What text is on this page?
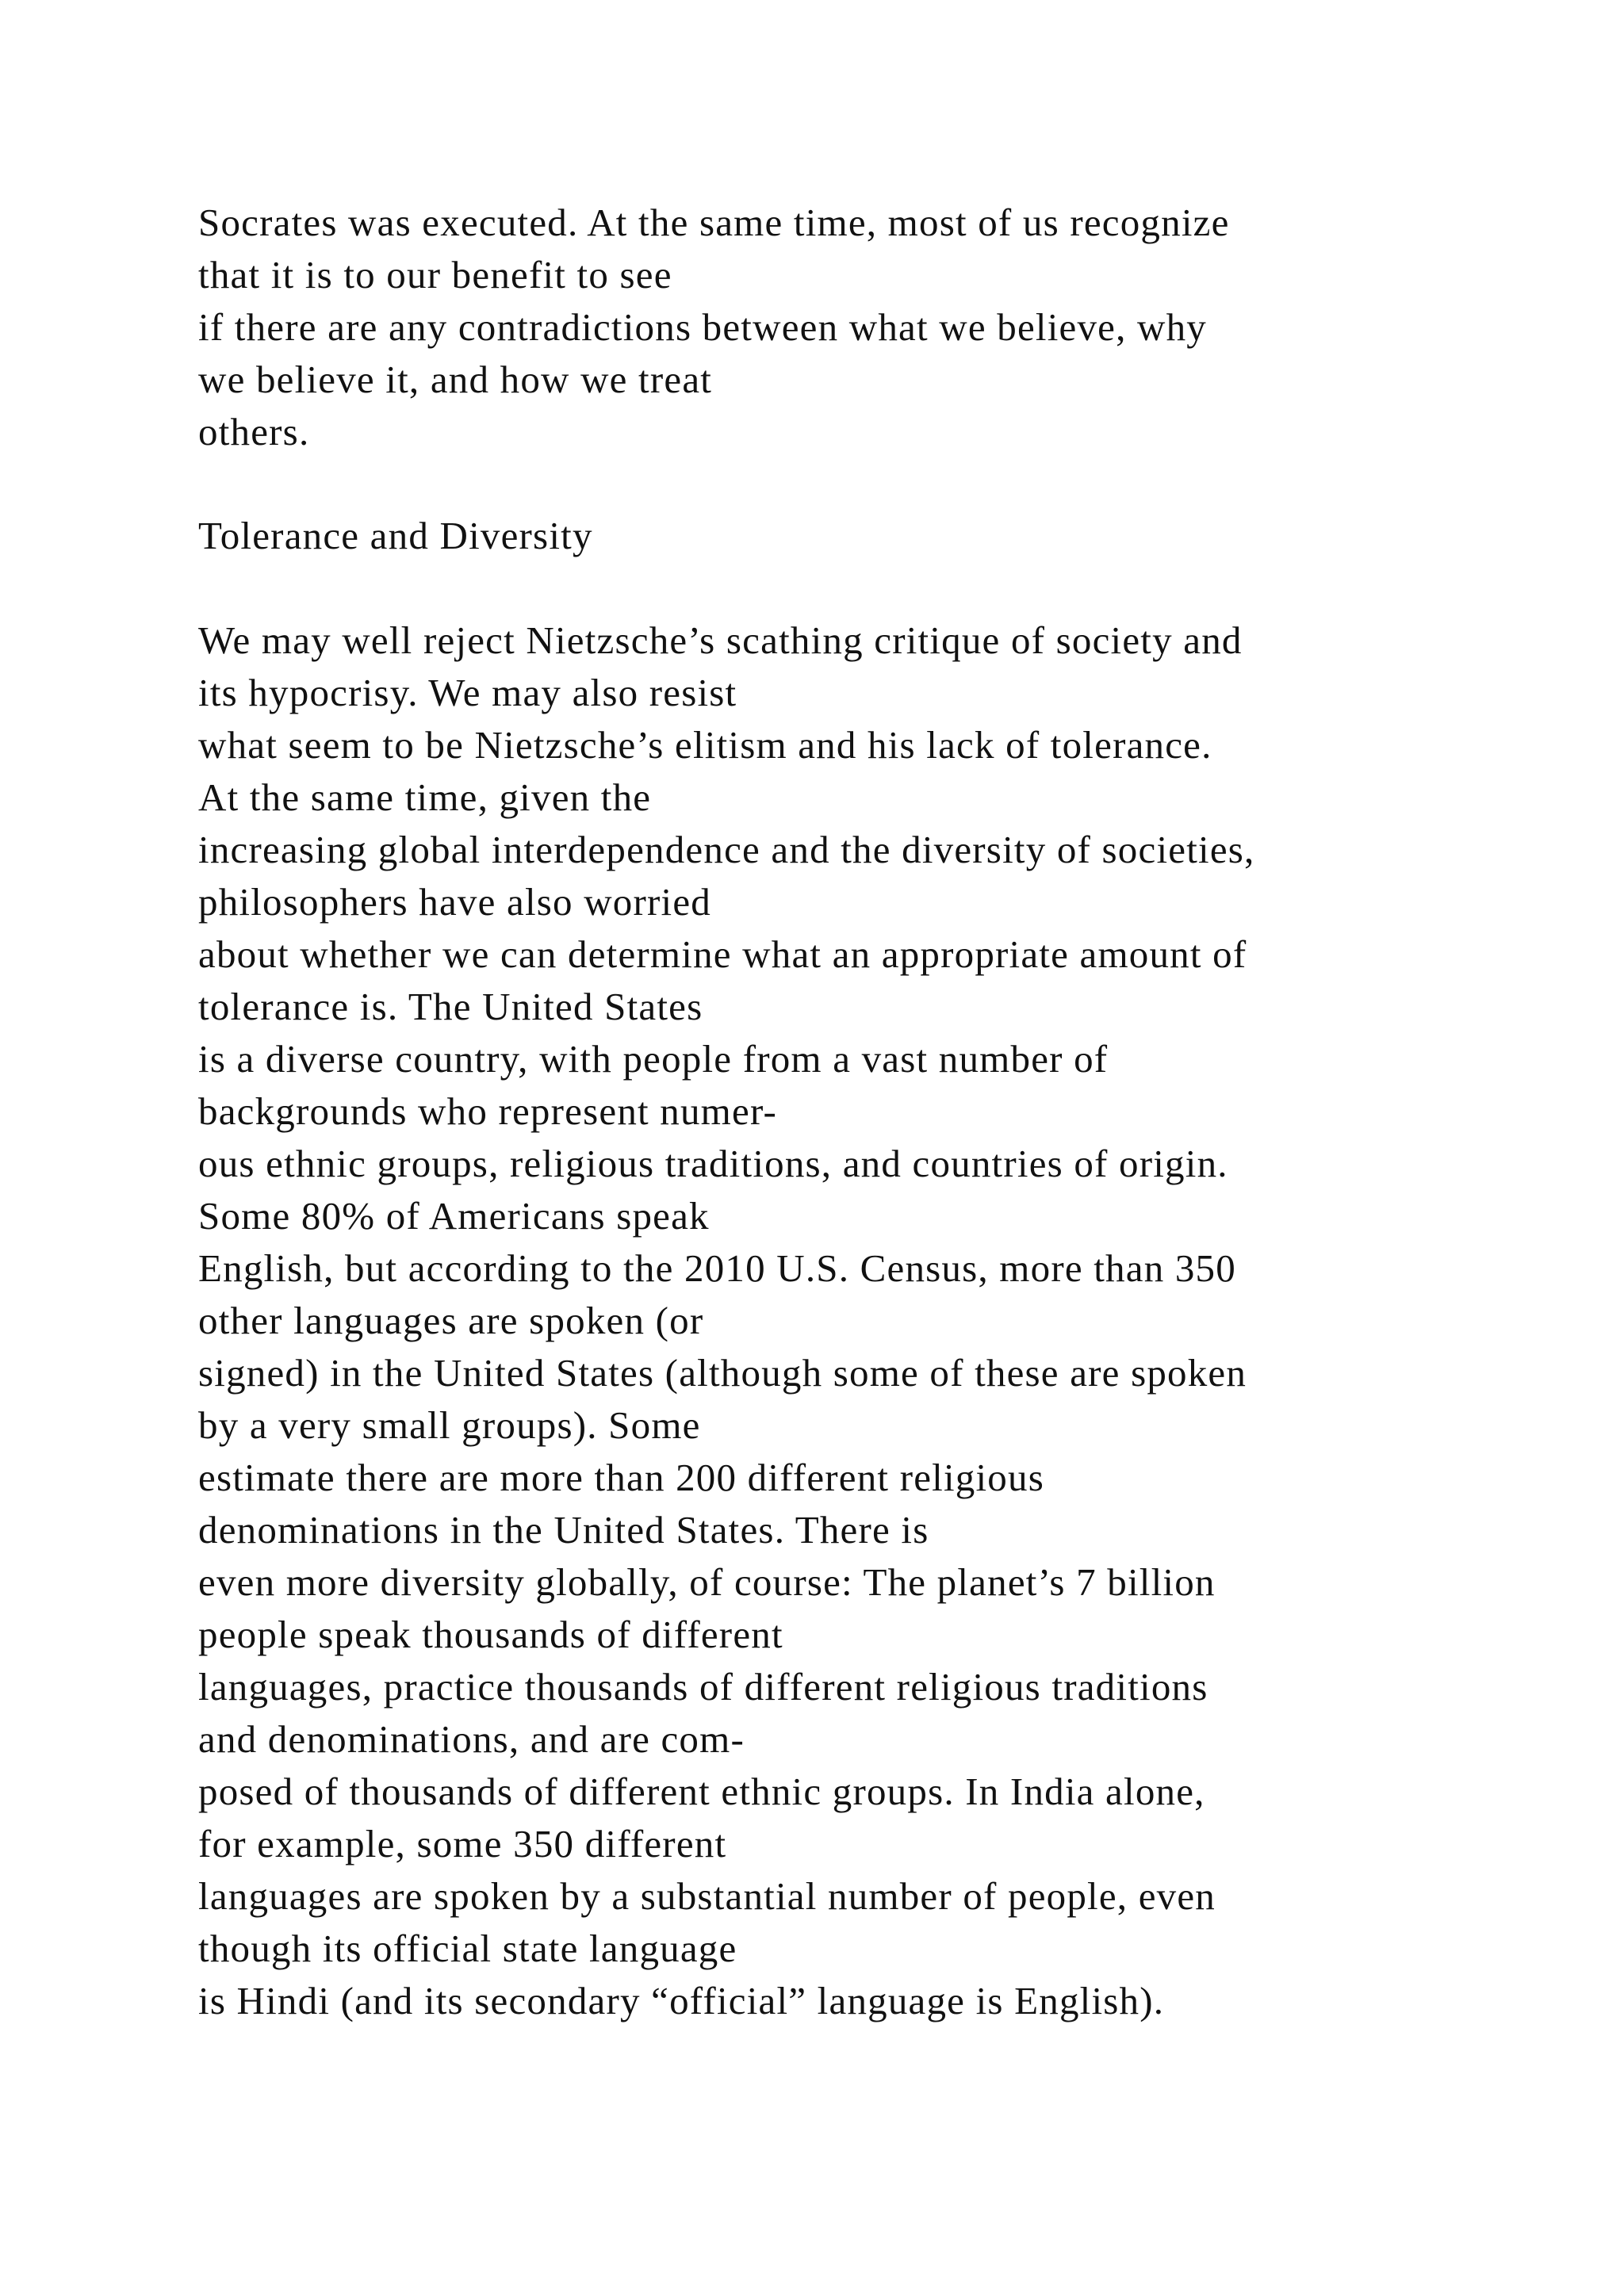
Socrates was executed. At the same time, most of us recognize
that it is to our benefit to see
if there are any contradictions between what we believe, why
we believe it, and how we treat
others.
Tolerance and Diversity
We may well reject Nietzsche’s scathing critique of society and
its hypocrisy. We may also resist
what seem to be Nietzsche’s elitism and his lack of tolerance.
At the same time, given the
increasing global interdependence and the diversity of societies,
philosophers have also worried
about whether we can determine what an appropriate amount of
tolerance is. The United States
is a diverse country, with people from a vast number of
backgrounds who represent numer-
ous ethnic groups, religious traditions, and countries of origin.
Some 80% of Americans speak
English, but according to the 2010 U.S. Census, more than 350
other languages are spoken (or
signed) in the United States (although some of these are spoken
by a very small groups). Some
estimate there are more than 200 different religious
denominations in the United States. There is
even more diversity globally, of course: The planet’s 7 billion
people speak thousands of different
languages, practice thousands of different religious traditions
and denominations, and are com-
posed of thousands of different ethnic groups. In India alone,
for example, some 350 different
languages are spoken by a substantial number of people, even
though its official state language
is Hindi (and its secondary “official” language is English).
